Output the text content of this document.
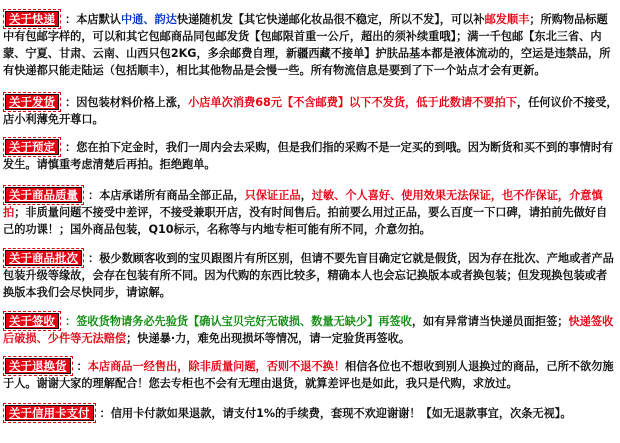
关于快递 ：本店默认中通、韵达快递随机发【其它快递邮化妆品很不稳定，所以不发】，可以补邮发顺丰；所购物品标题中有包邮字样的，可以和其它包邮商品同包邮发货【包邮限首重一公斤，超出的须补续重哦】；满一千包邮【东北三省、内蒙、宁夏、甘肃、云南、山西只包2KG，多余邮费自理，新疆西藏不接单】护肤品基本都是液体流动的，空运是违禁品，所有快递都只能走陆运（包括顺丰），相比其他物品是会慢一些。所有物流信息是要到了下一个站点才会有更新。
关于发货 ：因包装材料价格上涨，小店单次消费68元【不含邮费】以下不发货，低于此数请不要拍下，任何议价不接受，店小利薄免开尊口。
关于预定 ：您在拍下定金时，我们一周内会去采购，但是我们指的采购不是一定买的到哦。因为断货和买不到的事情时有发生。请慎重考虑清楚后再拍。拒绝跑单。
关于商品质量 ：本店承诺所有商品全部正品，只保证正品，过敏、个人喜好、使用效果无法保证，也不作保证，介意慎拍；非质量问题不接受中差评，不接受兼职开店，没有时间售后。拍前要么用过正品，要么百度一下口碑，请拍前先做好自己的功课！；国外商品包装，Q10标示，名称等与内地专柜可能有所不同，介意勿拍。
关于商品批次 ：极少数顾客收到的宝贝跟图片有所区别，但请不要先盲目确定它就是假货，因为存在批次、产地或者产品包装升级等缘故，会存在包装有所不同。因为代购的东西比较多，精确本人也会忘记换版本或者换包装；但发现换包装或者换版本我们会尽快同步，请谅解。
关于签收 ：签收货物请务必先验货【确认宝贝完好无破损、数量无缺少】再签收，如有异常请当快递员面拒签；快递签收后破损、少件等无法赔偿；快递暴·力，难免出现损坏等情况，请一定验货再签收。
关于退换货 ：本店商品一经售出，除非质量问题，否则不退不换！相信各位也不想收到别人退换过的商品，己所不欲勿施于人。谢谢大家的理解配合！您去专柜也不会有无理由退货，就算差评也是如此，我只是代购，求放过。
关于信用卡支付 ：信用卡付款如果退款，请支付1%的手续费，套现不欢迎谢谢！【如无退款事宜，次条无视】。
